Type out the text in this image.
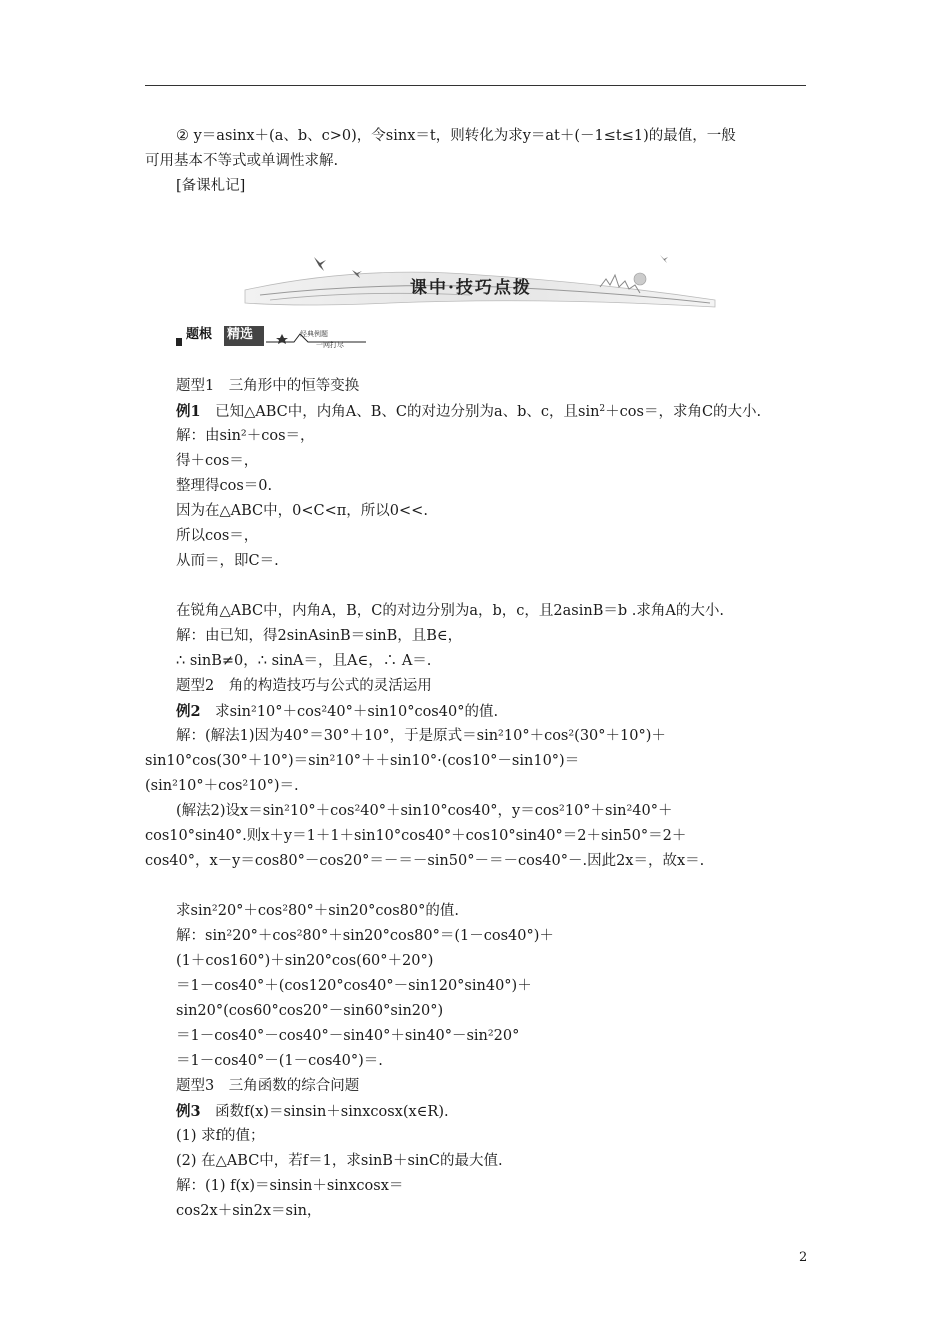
② y＝asinx＋(a、b、c>0)，令sinx＝t，则转化为求y＝at＋(－1≤t≤1)的最值，一般
可用基本不等式或单调性求解.
[备课札记]
课中·技巧点拨
题根 精选	经典例题
一网打尽
题型1　三角形中的恒等变换
例1　已知△ABC中，内角A、B、C的对边分别为a、b、c，且$\sin^2+\cos=$，求角C的大小.
解：由sin²＋cos＝，
得＋cos＝，
整理得cos＝0.
因为在△ABC中，0<C<π，所以0<<.
所以cos＝，
从而＝，即C＝.
在锐角△ABC中，内角A，B，C的对边分别为a，b，c，且2asinB＝b .求角A的大小.
解：由已知，得2sinAsinB＝sinB，且B∈，
∴ sinB≠0，∴ sinA＝，且A∈，∴ A＝.
题型2　角的构造技巧与公式的灵活运用
例2　求sin²10°＋cos²40°＋sin10°cos40°的值.
解：(解法1)因为40°＝30°＋10°，于是原式＝sin²10°＋cos²(30°＋10°)＋
sin10°cos(30°＋10°)＝sin²10°＋＋sin10°·(cos10°－sin10°)＝
(sin²10°＋cos²10°)＝.
(解法2)设x＝sin²10°＋cos²40°＋sin10°cos40°，y＝cos²10°＋sin²40°＋
cos10°sin40°.则x＋y＝1＋1＋sin10°cos40°＋cos10°sin40°＝2＋sin50°＝2＋
cos40°，x－y＝cos80°－cos20°＝－＝－sin50°－＝－cos40°－.因此2x＝，故x＝.
求sin²20°＋cos²80°＋sin20°cos80°的值.
解：sin²20°＋cos²80°＋sin20°cos80°＝(1－cos40°)＋
(1＋cos160°)＋sin20°cos(60°＋20°)
＝1－cos40°＋(cos120°cos40°－sin120°sin40°)＋
sin20°(cos60°cos20°－sin60°sin20°)
＝1－cos40°－cos40°－sin40°＋sin40°－sin²20°
＝1－cos40°－(1－cos40°)＝.
题型3　三角函数的综合问题
例3　函数f(x)＝sinsin＋sinxcosx(x∈R).
(1) 求f的值；
(2) 在△ABC中，若f＝1，求sinB＋sinC的最大值.
解：(1) f(x)＝sinsin＋sinxcosx＝
cos2x＋sin2x＝sin，
2
